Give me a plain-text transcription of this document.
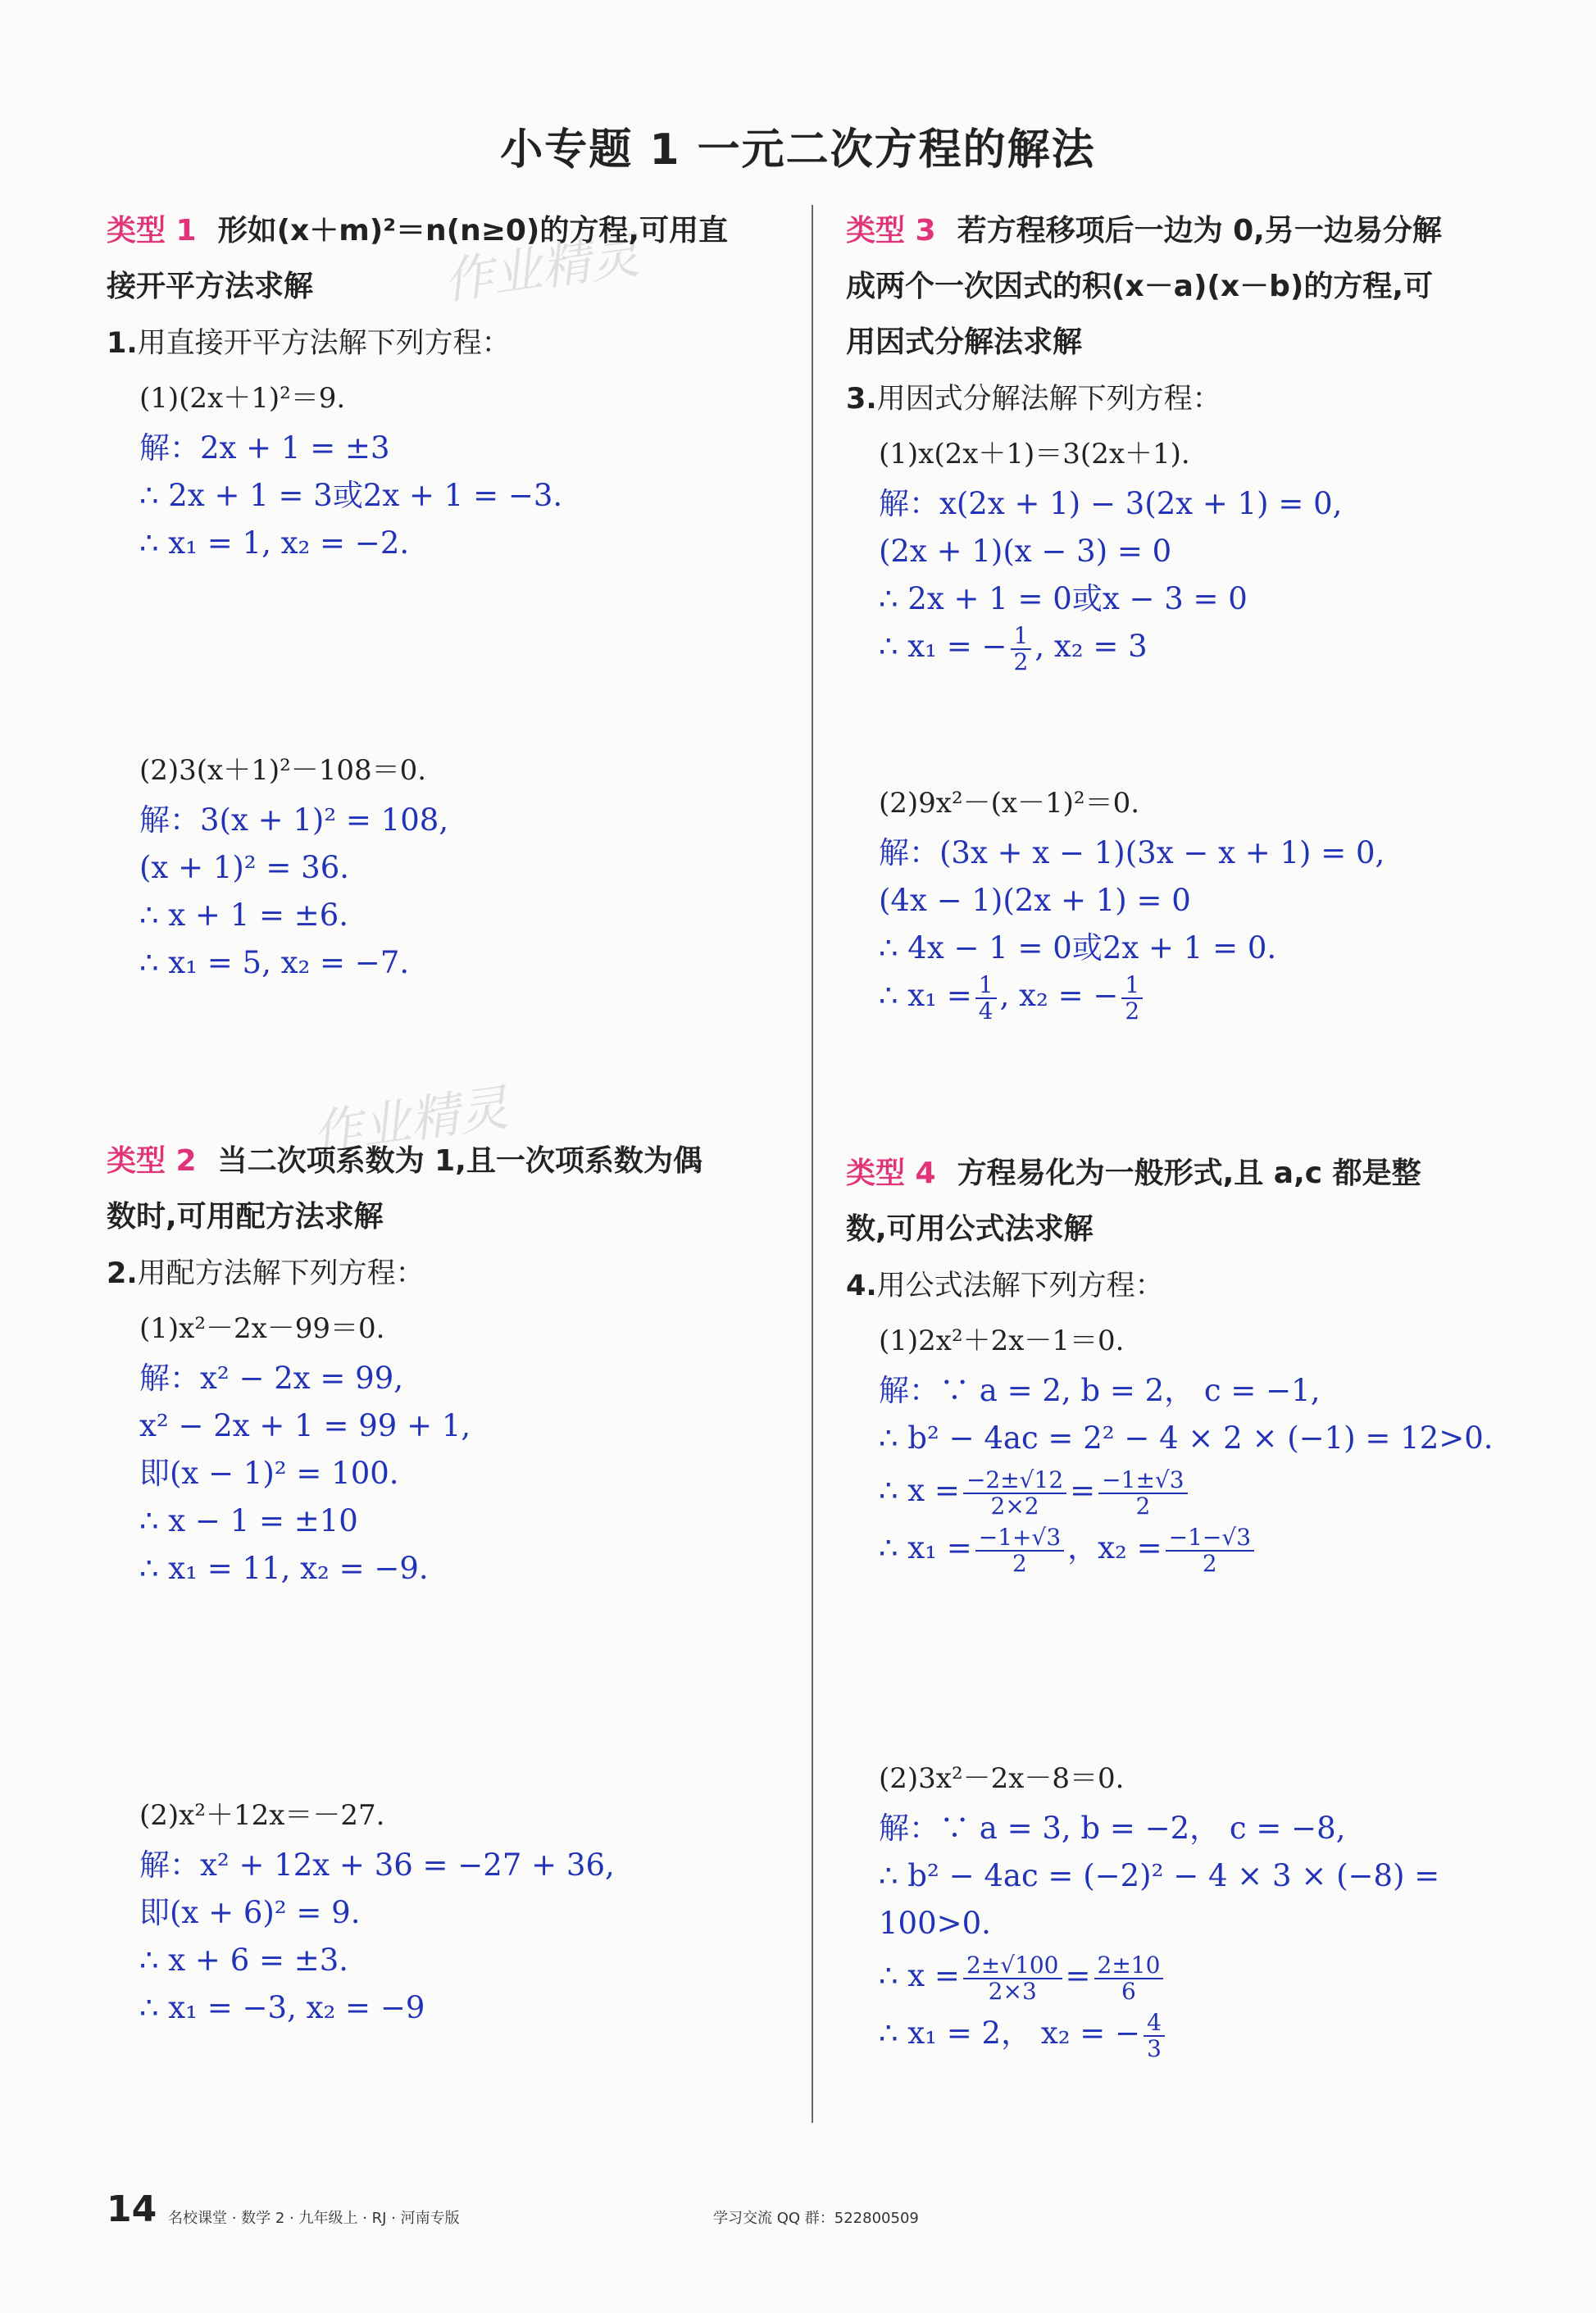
小专题 1 一元二次方程的解法
作业精灵
作业精灵
类型 1 形如(x＋m)²＝n(n≥0)的方程,可用直
接开平方法求解
1.用直接开平方法解下列方程：
(1)(2x＋1)²＝9.
解：2x + 1 = ±3
∴ 2x + 1 = 3或2x + 1 = −3.
∴ x₁ = 1, x₂ = −2.
(2)3(x＋1)²－108＝0.
解：3(x + 1)² = 108,
(x + 1)² = 36.
∴ x + 1 = ±6.
∴ x₁ = 5, x₂ = −7.
类型 2 当二次项系数为 1,且一次项系数为偶
数时,可用配方法求解
2.用配方法解下列方程：
(1)x²－2x－99＝0.
解：x² − 2x = 99,
x² − 2x + 1 = 99 + 1,
即(x − 1)² = 100.
∴ x − 1 = ±10
∴ x₁ = 11, x₂ = −9.
(2)x²＋12x＝－27.
解：x² + 12x + 36 = −27 + 36,
即(x + 6)² = 9.
∴ x + 6 = ±3.
∴ x₁ = −3, x₂ = −9
类型 3 若方程移项后一边为 0,另一边易分解
成两个一次因式的积(x－a)(x－b)的方程,可
用因式分解法求解
3.用因式分解法解下列方程：
(1)x(2x＋1)＝3(2x＋1).
解：x(2x + 1) − 3(2x + 1) = 0,
(2x + 1)(x − 3) = 0
∴ 2x + 1 = 0或x − 3 = 0
∴ x₁ = − $\frac{1}{2}$ , x₂ = 3
(2)9x²－(x－1)²＝0.
解：(3x + x − 1)(3x − x + 1) = 0,
(4x − 1)(2x + 1) = 0
∴ 4x − 1 = 0或2x + 1 = 0.
∴ $x_1 = \frac{1}{4}$ , x₂ = − $\frac{1}{2}$
类型 4 方程易化为一般形式,且 a,c 都是整
数,可用公式法求解
4.用公式法解下列方程：
(1)2x²＋2x－1＝0.
解：∵ a = 2, b = 2， c = −1,
∴ b² − 4ac = 2² − 4 × 2 × (−1) = 12>0.
∴ $x = \frac{-2\pm√12}{2\times 2} = \frac{-1\pm√3}{2}$
∴ $x_1 = \frac{-1+√3}{2}$ ，$x_2 = \frac{-1-√3}{2}$
(2)3x²－2x－8＝0.
解：∵ a = 3, b = −2， c = −8,
∴ b² − 4ac = (−2)² − 4 × 3 × (−8) = 100>0.
∴ $x = \frac{2\pm√100}{2\times 3} = \frac{2\pm 10}{6}$
∴ x₁ = 2， x₂ = − $\frac{4}{3}$
14 名校课堂 · 数学 2 · 九年级上 · RJ · 河南专版	学习交流 QQ 群：522800509
